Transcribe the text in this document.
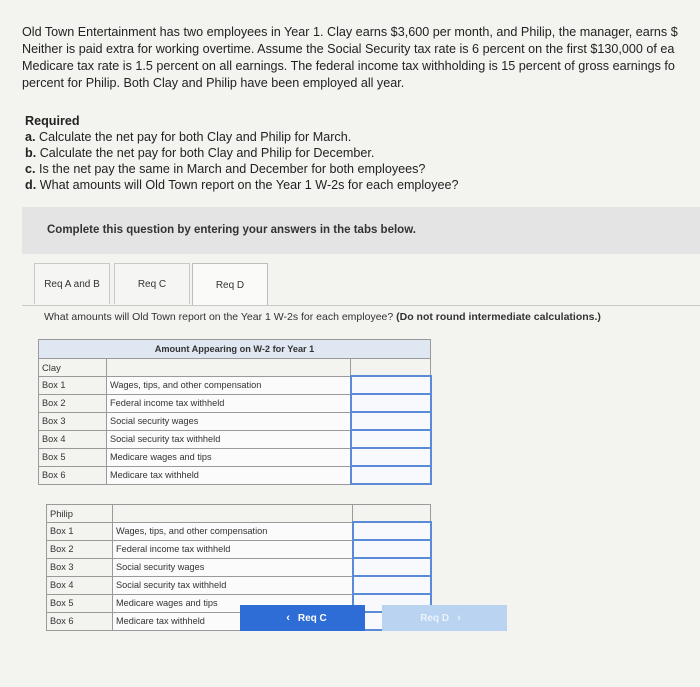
Old Town Entertainment has two employees in Year 1. Clay earns $3,600 per month, and Philip, the manager, earns $
Neither is paid extra for working overtime. Assume the Social Security tax rate is 6 percent on the first $130,000 of ea
Medicare tax rate is 1.5 percent on all earnings. The federal income tax withholding is 15 percent of gross earnings fo
percent for Philip. Both Clay and Philip have been employed all year.
Required
a. Calculate the net pay for both Clay and Philip for March.
b. Calculate the net pay for both Clay and Philip for December.
c. Is the net pay the same in March and December for both employees?
d. What amounts will Old Town report on the Year 1 W-2s for each employee?
Complete this question by entering your answers in the tabs below.
Req A and B	Req C	Req D
What amounts will Old Town report on the Year 1 W-2s for each employee? (Do not round intermediate calculations.)
Amount Appearing on W-2 for Year 1		
Clay		
Box 1	Wages, tips, and other compensation	
Box 2	Federal income tax withheld	
Box 3	Social security wages	
Box 4	Social security tax withheld	
Box 5	Medicare wages and tips	
Box 6	Medicare tax withheld	
Philip		
Box 1	Wages, tips, and other compensation	
Box 2	Federal income tax withheld	
Box 3	Social security wages	
Box 4	Social security tax withheld	
Box 5	Medicare wages and tips	
Box 6	Medicare tax withheld		‹ Req C	Req D ›
